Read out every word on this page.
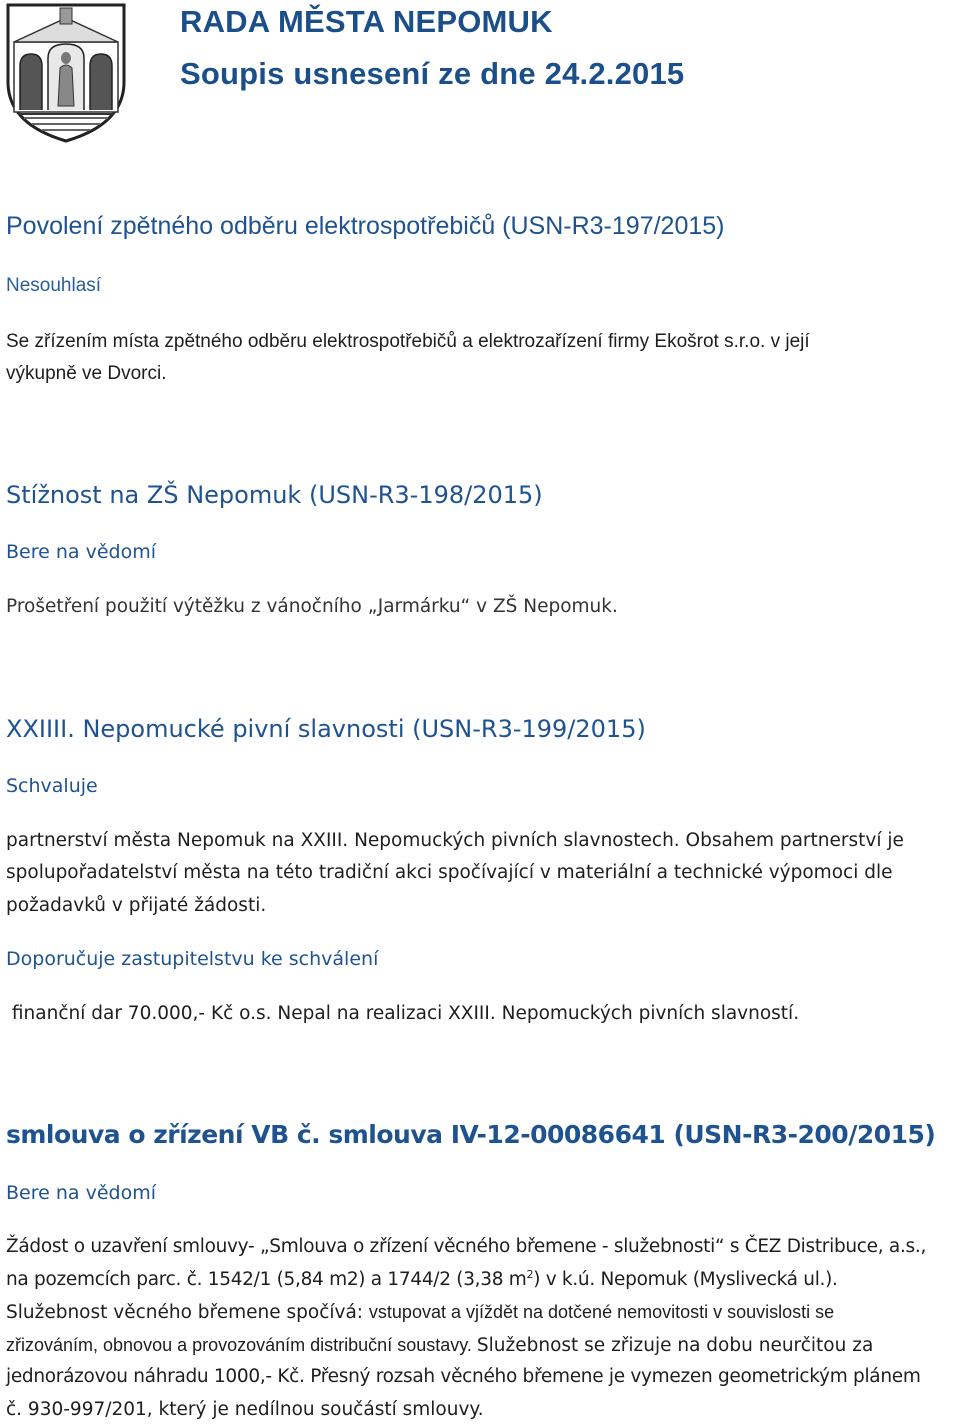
RADA MĚSTA NEPOMUK
Soupis usnesení ze dne 24.2.2015
Povolení zpětného odběru elektrospotřebičů (USN-R3-197/2015)
Nesouhlasí
Se zřízením místa zpětného odběru elektrospotřebičů a elektrozařízení firmy Ekošrot s.r.o. v její
výkupně ve Dvorci.
Stížnost na ZŠ Nepomuk (USN-R3-198/2015)
Bere na vědomí
Prošetření použití výtěžku z vánočního „Jarmárku“ v ZŠ Nepomuk.
XXIIII. Nepomucké pivní slavnosti (USN-R3-199/2015)
Schvaluje
partnerství města Nepomuk na XXIII. Nepomuckých pivních slavnostech. Obsahem partnerství je
spolupořadatelství města na této tradiční akci spočívající v materiální a technické výpomoci dle
požadavků v přijaté žádosti.
Doporučuje zastupitelstvu ke schválení
finanční dar 70.000,- Kč o.s. Nepal na realizaci XXIII. Nepomuckých pivních slavností.
smlouva o zřízení VB č. smlouva IV-12-00086641 (USN-R3-200/2015)
Bere na vědomí
Žádost o uzavření smlouvy- „Smlouva o zřízení věcného břemene - služebnosti“ s ČEZ Distribuce, a.s.,
na pozemcích parc. č. 1542/1 (5,84 m2) a 1744/2 (3,38 $m^2$) v k.ú. Nepomuk (Myslivecká ul.).
Služebnost věcného břemene spočívá: vstupovat a vjíždět na dotčené nemovitosti v souvislosti se
zřizováním, obnovou a provozováním distribuční soustavy. Služebnost se zřizuje na dobu neurčitou za
jednorázovou náhradu 1000,- Kč. Přesný rozsah věcného břemene je vymezen geometrickým plánem
č. 930-997/201, který je nedílnou součástí smlouvy.
